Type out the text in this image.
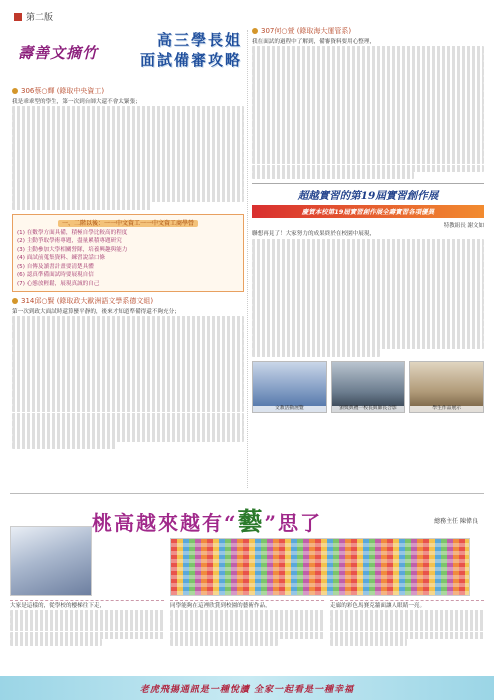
第二版
壽善文摘竹
高三學長姐
面試備審攻略
306蔡○輝 (錄取中央資工)
我是乖乖型的學生，第一次到台師大還不會太緊張；
一、二階以後：一一中文資工一一中文資工商學營
(1) 在數學方面具備，積極自學比較高的程度
(2) 主動爭取學術專題，盡量累積專題研究
(3) 主動參加大學相關營隊，培養興趣與能力
(4) 面試前蒐集資料、練習說話口條
(5) 自傳及讀書計畫要清楚具體
(6) 認真準備面試時要展現自信
(7) 心態放輕鬆，展現真誠的自己
314邱○賢 (錄取政大歐洲語文學系德文組)
第一次到政大面試時還算蠻平靜的，後來才知道準備得還不夠充分；
307何○萱 (錄取海大運管系)
我在面試的過程中了解到，備審資料要用心整理，
超越實習的第19屆實習創作展
慶賀本校第19屆實習創作展全壽實習各項優異
特教組長 謝文如
聯想再見了！大家努力的成果終於在校園中展現，
文教活動展覽	頒獎典禮一校長與師長合影	學生作品展示
桃高越來越有“藝”思了	總務主任 陳偉良
大家是這樣的，從學校的樓梯往下走，	同學能夠在這裡欣賞到校園的藝術作品，	走廊的彩色馬賽克牆面讓人眼睛一亮。
老虎飛揚通訊是一種悅讀 全家一起看是一種幸福
